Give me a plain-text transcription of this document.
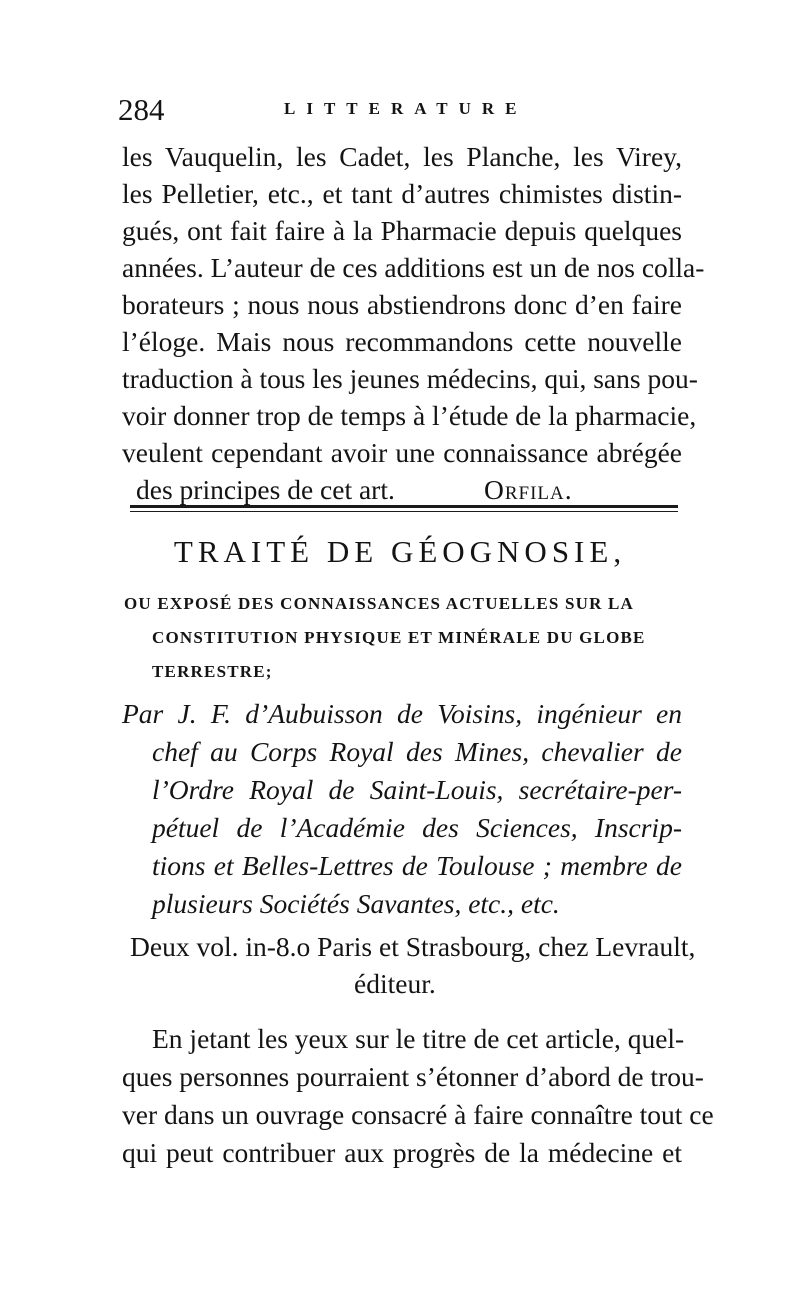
284	LITTERATURE
les Vauquelin, les Cadet, les Planche, les Virey,
les Pelletier, etc., et tant d’autres chimistes distin-
gués, ont fait faire à la Pharmacie depuis quelques
années. L’auteur de ces additions est un de nos colla-
borateurs ; nous nous abstiendrons donc d’en faire
l’éloge. Mais nous recommandons cette nouvelle
traduction à tous les jeunes médecins, qui, sans pou-
voir donner trop de temps à l’étude de la pharmacie,
veulent cependant avoir une connaissance abrégée
des principes de cet art.	Orfila.
TRAITÉ DE GÉOGNOSIE,
OU EXPOSÉ DES CONNAISSANCES ACTUELLES SUR LA
CONSTITUTION PHYSIQUE ET MINÉRALE DU GLOBE
TERRESTRE;
Par J. F. d’Aubuisson de Voisins, ingénieur en
chef au Corps Royal des Mines, chevalier de
l’Ordre Royal de Saint-Louis, secrétaire-per-
pétuel de l’Académie des Sciences, Inscrip-
tions et Belles-Lettres de Toulouse ; membre de
plusieurs Sociétés Savantes, etc., etc.
Deux vol. in-8.o Paris et Strasbourg, chez Levrault,
éditeur.
En jetant les yeux sur le titre de cet article, quel-
ques personnes pourraient s’étonner d’abord de trou-
ver dans un ouvrage consacré à faire connaître tout ce
qui peut contribuer aux progrès de la médecine et
